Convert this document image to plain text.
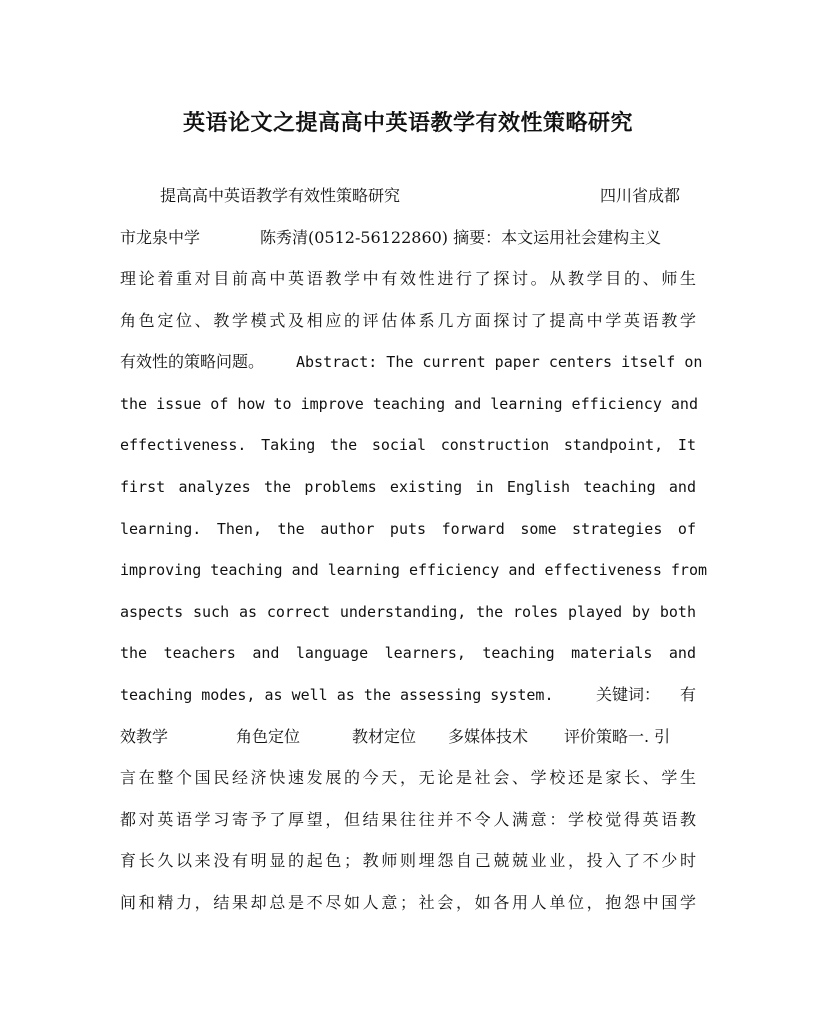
英语论文之提高高中英语教学有效性策略研究
提高高中英语教学有效性策略研究	四川省成都
市龙泉中学	陈秀清(0512-56122860) 摘要：本文运用社会建构主义
理论着重对目前高中英语教学中有效性进行了探讨。从教学目的、师生
角色定位、教学模式及相应的评估体系几方面探讨了提高中学英语教学
有效性的策略问题。 Abstract: The current paper centers itself on
the issue of how to improve teaching and learning efficiency and
effectiveness. Taking the social construction standpoint, It
first analyzes the problems existing in English teaching and
learning. Then, the author puts forward some strategies of
improving teaching and learning efficiency and effectiveness from
aspects such as correct understanding, the roles played by both
the teachers and language learners, teaching materials and
teaching modes, as well as the assessing system.	关键词： 有
效教学	角色定位	教材定位 多媒体技术 评价策略一. 引
言在整个国民经济快速发展的今天，无论是社会、学校还是家长、学生
都对英语学习寄予了厚望，但结果往往并不令人满意：学校觉得英语教
育长久以来没有明显的起色；教师则埋怨自己兢兢业业，投入了不少时
间和精力，结果却总是不尽如人意；社会，如各用人单位，抱怨中国学
